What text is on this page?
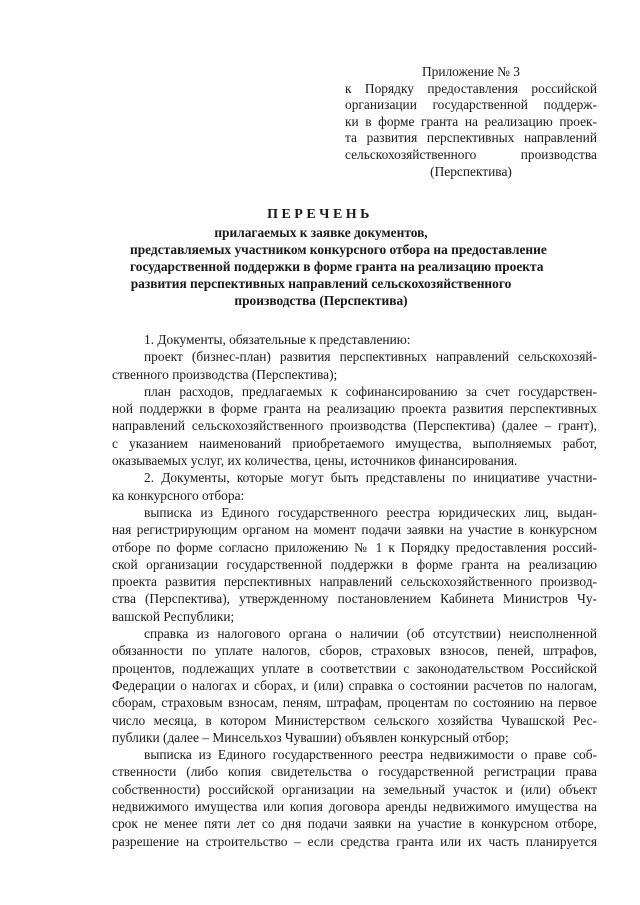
Приложение № 3
к Порядку предоставления российской
организации государственной поддерж-
ки в форме гранта на реализацию проек-
та развития перспективных направлений
сельскохозяйственного производства
(Перспектива)
ПЕРЕЧЕНЬ
прилагаемых к заявке документов,
представляемых участником конкурсного отбора на предоставление
государственной поддержки в форме гранта на реализацию проекта
развития перспективных направлений сельскохозяйственного
производства (Перспектива)
1. Документы, обязательные к представлению:
проект (бизнес-план) развития перспективных направлений сельскохозяй-
ственного производства (Перспектива);
план расходов, предлагаемых к софинансированию за счет государствен-
ной поддержки в форме гранта на реализацию проекта развития перспективных
направлений сельскохозяйственного производства (Перспектива) (далее – грант),
с указанием наименований приобретаемого имущества, выполняемых работ,
оказываемых услуг, их количества, цены, источников финансирования.
2. Документы, которые могут быть представлены по инициативе участни-
ка конкурсного отбора:
выписка из Единого государственного реестра юридических лиц, выдан-
ная регистрирующим органом на момент подачи заявки на участие в конкурсном
отборе по форме согласно приложению № 1 к Порядку предоставления россий-
ской организации государственной поддержки в форме гранта на реализацию
проекта развития перспективных направлений сельскохозяйственного производ-
ства (Перспектива), утвержденному постановлением Кабинета Министров Чу-
вашской Республики;
справка из налогового органа о наличии (об отсутствии) неисполненной
обязанности по уплате налогов, сборов, страховых взносов, пеней, штрафов,
процентов, подлежащих уплате в соответствии с законодательством Российской
Федерации о налогах и сборах, и (или) справка о состоянии расчетов по налогам,
сборам, страховым взносам, пеням, штрафам, процентам по состоянию на первое
число месяца, в котором Министерством сельского хозяйства Чувашской Рес-
публики (далее – Минсельхоз Чувашии) объявлен конкурсный отбор;
выписка из Единого государственного реестра недвижимости о праве соб-
ственности (либо копия свидетельства о государственной регистрации права
собственности) российской организации на земельный участок и (или) объект
недвижимого имущества или копия договора аренды недвижимого имущества на
срок не менее пяти лет со дня подачи заявки на участие в конкурсном отборе,
разрешение на строительство – если средства гранта или их часть планируется
